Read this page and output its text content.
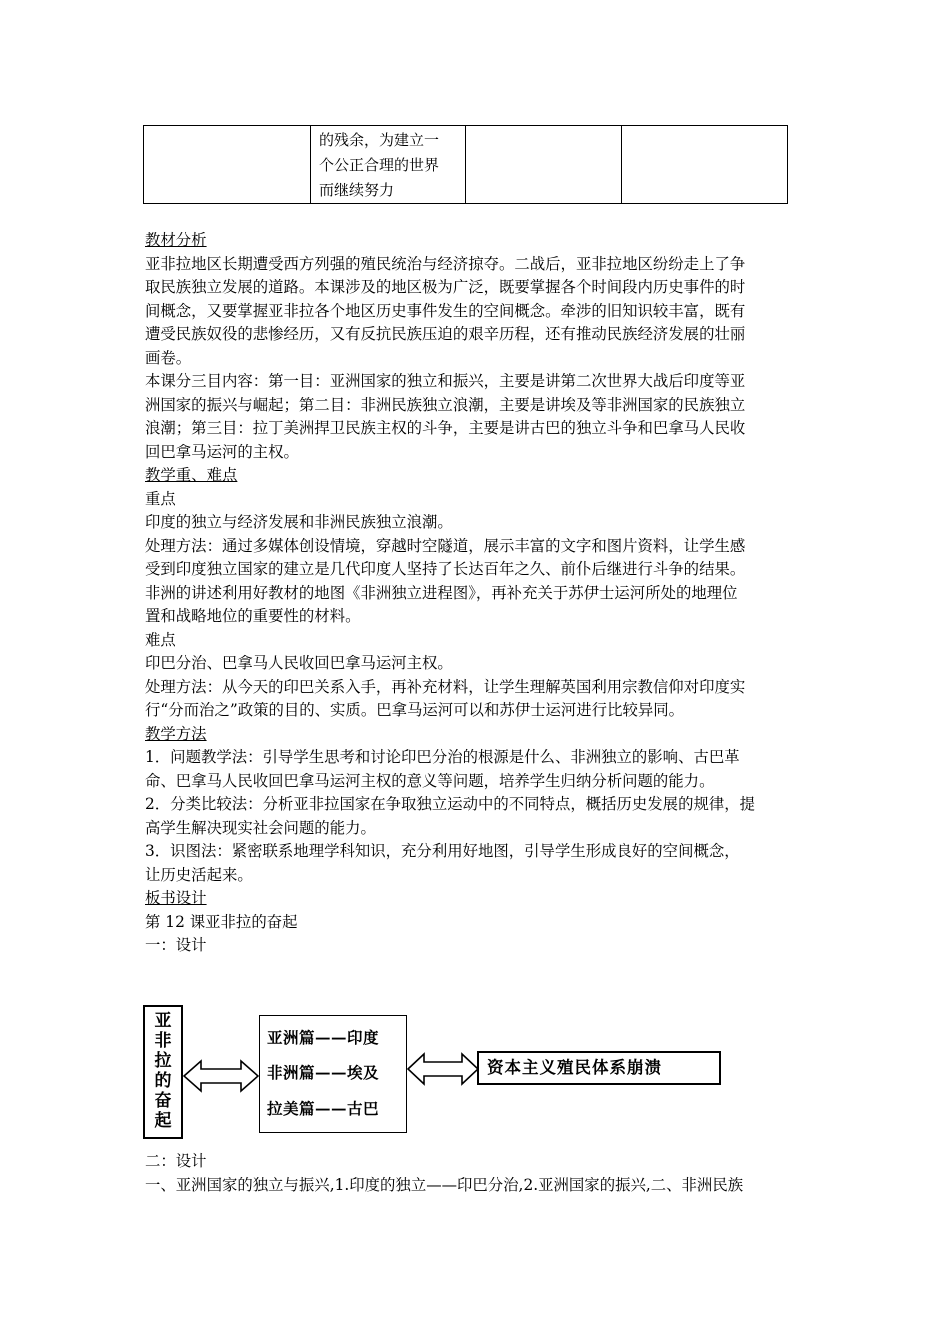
的残余，为建立一
个公正合理的世界
而继续努力

教材分析
亚非拉地区长期遭受西方列强的殖民统治与经济掠夺。二战后，亚非拉地区纷纷走上了争
取民族独立发展的道路。本课涉及的地区极为广泛，既要掌握各个时间段内历史事件的时
间概念，又要掌握亚非拉各个地区历史事件发生的空间概念。牵涉的旧知识较丰富，既有
遭受民族奴役的悲惨经历，又有反抗民族压迫的艰辛历程，还有推动民族经济发展的壮丽
画卷。
本课分三目内容：第一目：亚洲国家的独立和振兴，主要是讲第二次世界大战后印度等亚
洲国家的振兴与崛起；第二目：非洲民族独立浪潮，主要是讲埃及等非洲国家的民族独立
浪潮；第三目：拉丁美洲捍卫民族主权的斗争，主要是讲古巴的独立斗争和巴拿马人民收
回巴拿马运河的主权。
教学重、难点
重点
印度的独立与经济发展和非洲民族独立浪潮。
处理方法：通过多媒体创设情境，穿越时空隧道，展示丰富的文字和图片资料，让学生感
受到印度独立国家的建立是几代印度人坚持了长达百年之久、前仆后继进行斗争的结果。
非洲的讲述利用好教材的地图《非洲独立进程图》，再补充关于苏伊士运河所处的地理位
置和战略地位的重要性的材料。
难点
印巴分治、巴拿马人民收回巴拿马运河主权。
处理方法：从今天的印巴关系入手，再补充材料，让学生理解英国利用宗教信仰对印度实
行“分而治之”政策的目的、实质。巴拿马运河可以和苏伊士运河进行比较异同。
教学方法
1．问题教学法：引导学生思考和讨论印巴分治的根源是什么、非洲独立的影响、古巴革
命、巴拿马人民收回巴拿马运河主权的意义等问题，培养学生归纳分析问题的能力。
2．分类比较法：分析亚非拉国家在争取独立运动中的不同特点，概括历史发展的规律，提
高学生解决现实社会问题的能力。
3．识图法：紧密联系地理学科知识，充分利用好地图，引导学生形成良好的空间概念，
让历史活起来。
板书设计
第 12 课亚非拉的奋起
一：设计
亚
非
拉
的
奋
起
亚洲篇——印度
非洲篇——埃及
拉美篇——古巴
资本主义殖民体系崩溃
二：设计
一、亚洲国家的独立与振兴,1.印度的独立——印巴分治,2.亚洲国家的振兴,二、非洲民族
